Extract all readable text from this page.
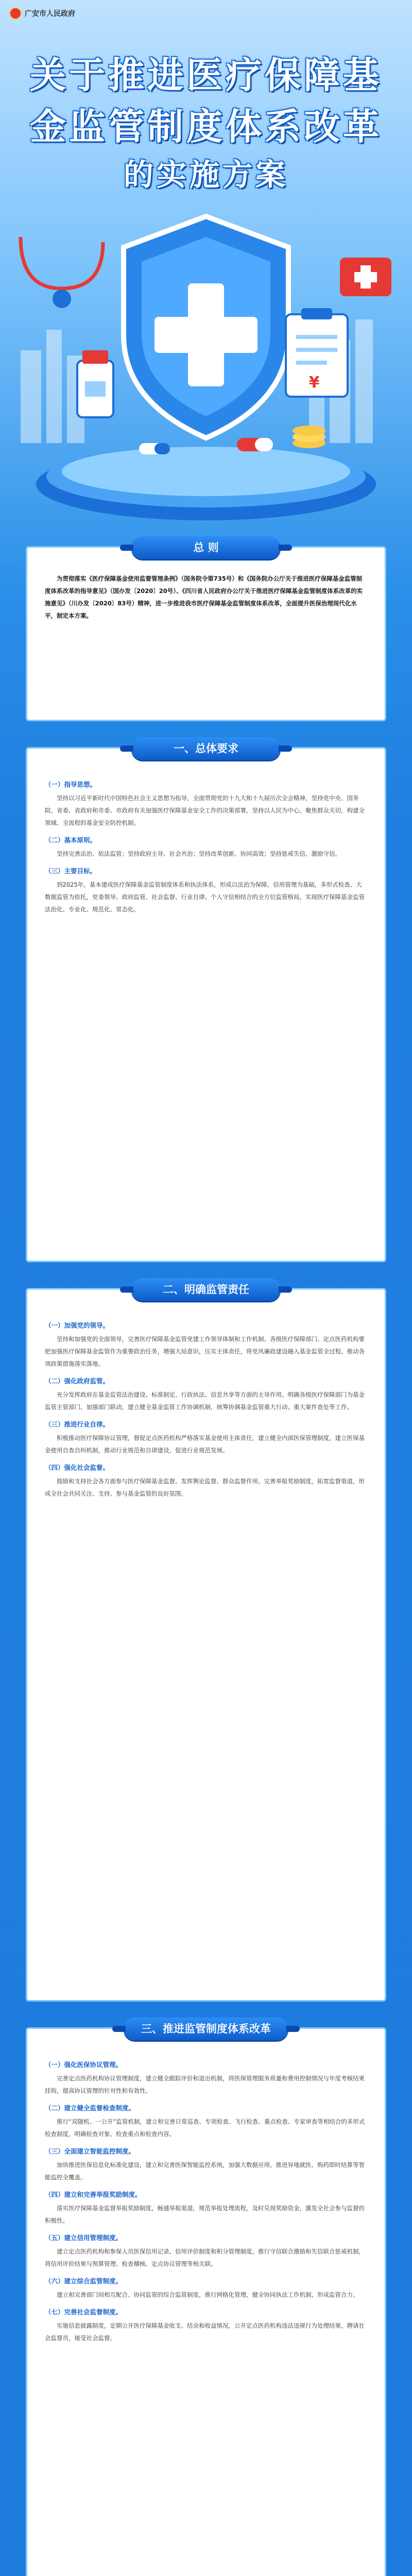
广安市人民政府
关于推进医疗保障基
金监管制度体系改革
的实施方案
¥
总 则

为贯彻落实《医疗保障基金使用监督管理条例》（国务院令第735号）和《国务院办公厅关于推进医疗保障基金监管制度体系改革的指导意见》（国办发〔2020〕20号）、《四川省人民政府办公厅关于推进医疗保障基金监管制度体系改革的实施意见》（川办发〔2020〕83号）精神，进一步推进我市医疗保障基金监管制度体系改革，全面提升医保治理现代化水平，制定本方案。

一、总体要求
（一）指导思想。

坚持以习近平新时代中国特色社会主义思想为指导，全面贯彻党的十九大和十九届历次全会精神，坚持党中央、国务院、省委、省政府和市委、市政府有关加强医疗保障基金安全工作的决策部署，坚持以人民为中心，聚焦群众关切，构建全领域、全流程的基金安全防控机制。

（二）基本原则。

坚持完善法治、依法监管；坚持政府主导、社会共治；坚持改革创新、协同高效；坚持惩戒失信、激励守信。

（三）主要目标。

到2025年，基本建成医疗保障基金监管制度体系和执法体系，形成以法治为保障，信用管理为基础，多形式检查、大数据监管为依托，党委领导、政府监管、社会监督、行业自律、个人守信相结合的全方位监管格局，实现医疗保障基金监管法治化、专业化、规范化、常态化。

二、明确监管责任
（一）加强党的领导。

坚持和加强党的全面领导，完善医疗保障基金监管党建工作领导体制和工作机制。各级医疗保障部门、定点医药机构要把加强医疗保障基金监管作为重要政治任务，增强大局意识，压实主体责任，将党风廉政建设融入基金监管全过程，推动各项政策措施落实落地。

（二）强化政府监管。

充分发挥政府在基金监管法治建设、标准制定、行政执法、信息共享等方面的主导作用。明确各级医疗保障部门为基金监管主管部门，加强部门联动，建立健全基金监管工作协调机制，统筹协调基金监管重大行动、重大案件查处等工作。

（三）推进行业自律。

积极推动医疗保障协议管理，督促定点医药机构严格落实基金使用主体责任，建立健全内部医保管理制度，建立医保基金使用自查自纠机制，推动行业规范和自律建设，促进行业规范发展。

（四）强化社会监督。

鼓励和支持社会各方面参与医疗保障基金监督，发挥舆论监督、群众监督作用。完善举报奖励制度，拓宽监督渠道，形成全社会共同关注、支持、参与基金监管的良好氛围。

三、推进监管制度体系改革
（一）强化医保协议管理。

完善定点医药机构协议管理制度，建立健全跟踪评价和退出机制，将医保管理服务质量和费用控制情况与年度考核结果挂钩，提高协议管理的针对性和有效性。

（二）建立健全监督检查制度。

推行“双随机、一公开”监管机制，建立和完善日常巡查、专项检查、飞行检查、重点检查、专家审查等相结合的多形式检查制度，明确检查对象、检查重点和检查内容。

（三）全面建立智能监控制度。

加快推进医保信息化标准化建设，建立和完善医保智能监控系统，加强大数据应用，推进异地就医、购药即时结算等智能监控全覆盖。

（四）建立和完善举报奖励制度。

落实医疗保障基金监督举报奖励制度，畅通举报渠道，规范举报处理流程，及时兑现奖励资金，激发全社会参与监督的积极性。

（五）建立信用管理制度。

建立定点医药机构和参保人员医保信用记录、信用评价制度和积分管理制度，推行守信联合激励和失信联合惩戒机制，将信用评价结果与预算管理、检查稽核、定点协议管理等相关联。

（六）建立综合监管制度。

建立和完善部门间相互配合、协同监管的综合监管制度，推行网格化管理，健全协同执法工作机制，形成监管合力。

（七）完善社会监督制度。

实施信息披露制度，定期公开医疗保障基金收支、结余和收益情况，公开定点医药机构违法违规行为处理结果，聘请社会监督员，接受社会监督。
